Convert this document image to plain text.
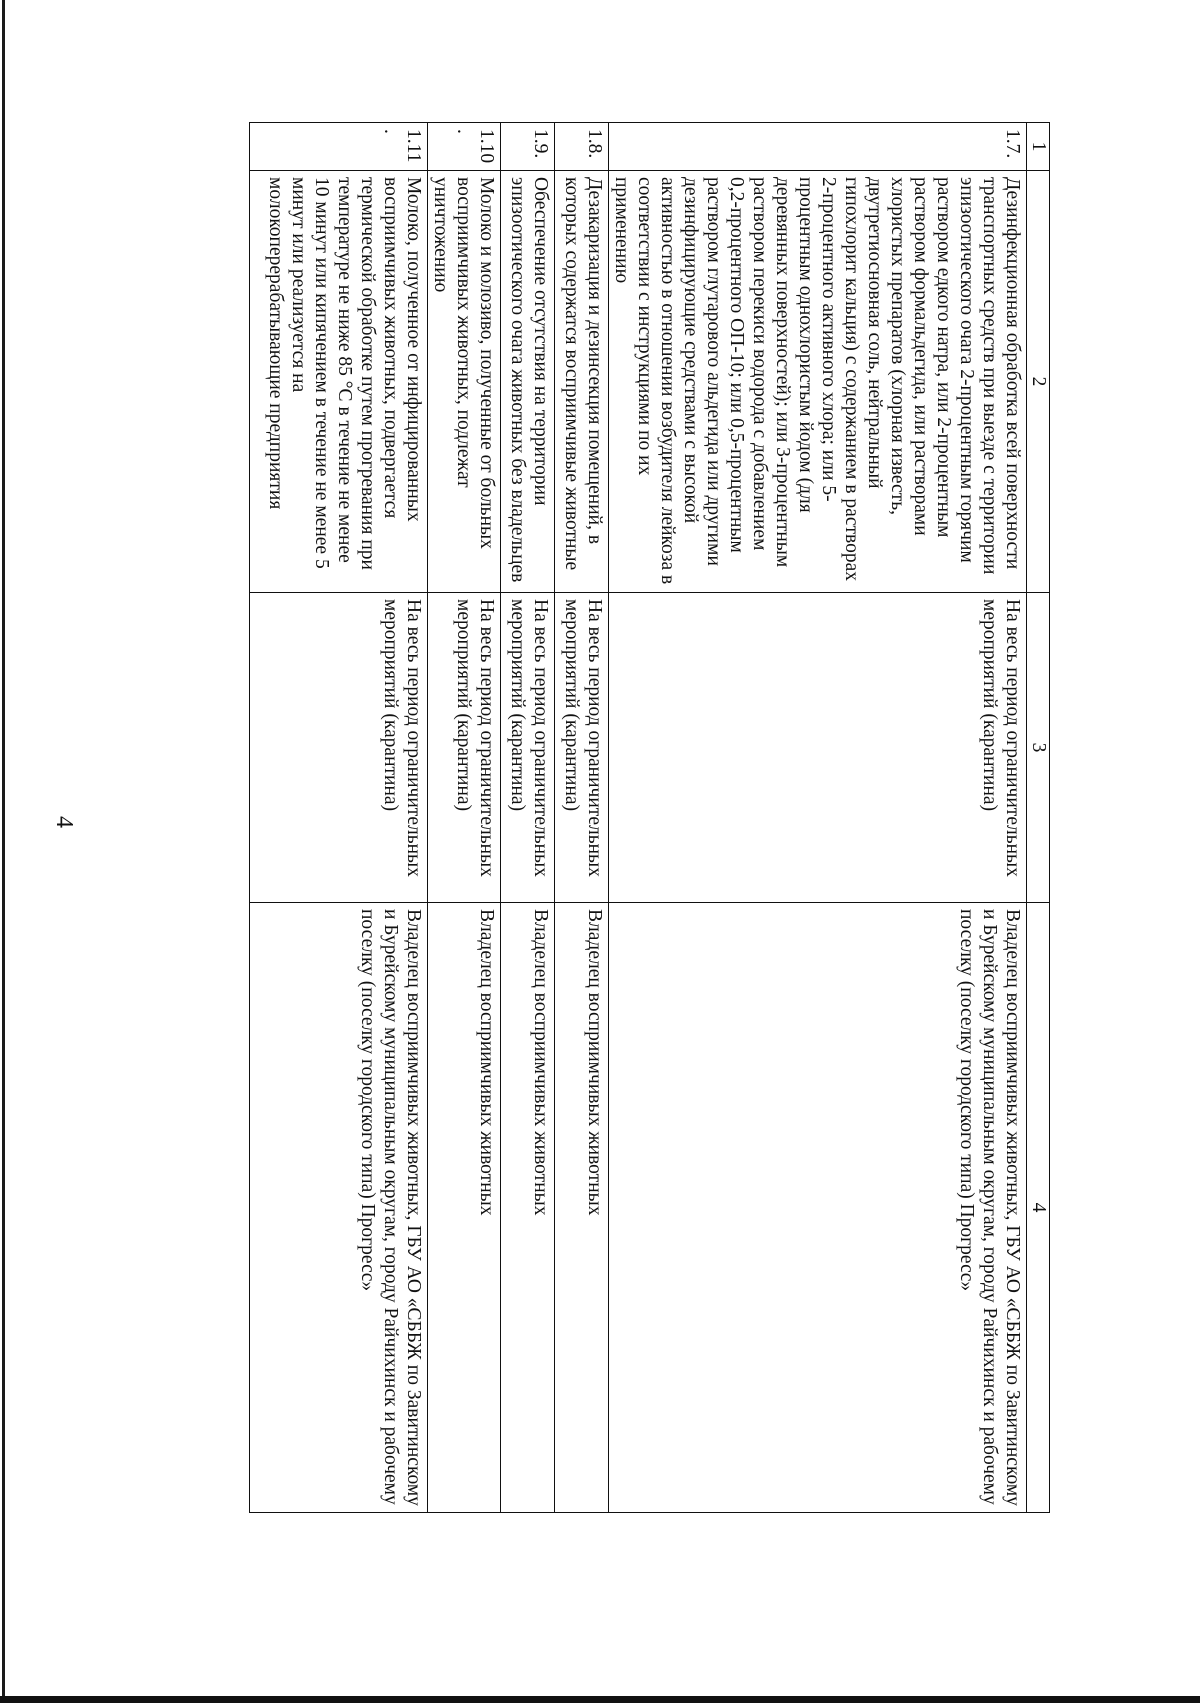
4
1	2	3	4
1.7.	Дезинфекционная обработка всей поверхности транспортных средств при выезде с территории эпизоотического очага 2-процентным горячим раствором едкого натра, или 2-процентным раствором формальдегида, или растворами хлористых препаратов (хлорная известь, двутретиосновная соль, нейтральный гипохлорит кальция) с содержанием в растворах 2-процентного активного хлора; или 5-процентным однохлористым йодом (для деревянных поверхностей); или 3-процентным раствором перекиси водорода с добавлением 0,2-процентного ОП-10; или 0,5-процентным раствором глутарового альдегида или другими дезинфицирующие средствами с высокой активностью в отношении возбудителя лейкоза в соответствии с инструкциями по их применению	На весь период ограничительных мероприятий (карантина)	Владелец восприимчивых животных, ГБУ АО «СББЖ по Завитинскому и Бурейскому муниципальным округам, городу Райчихинск и рабочему поселку (поселку городского типа) Прогресс»
1.8.	Дезакаризация и дезинсекция помещений, в которых содержатся восприимчивые животные	На весь период ограничительных мероприятий (карантина)	Владелец восприимчивых животных
1.9.	Обеспечение отсутствия на территории эпизоотического очага животных без владельцев	На весь период ограничительных мероприятий (карантина)	Владелец восприимчивых животных
1.10.	Молоко и молозиво, полученные от больных восприимчивых животных, подлежат уничтожению	На весь период ограничительных мероприятий (карантина)	Владелец восприимчивых животных
1.11.	Молоко, полученное от инфицированных восприимчивых животных, подвергается термической обработке путем прогревания при температуре не ниже 85 °С в течение не менее 10 минут или кипячением в течение не менее 5 минут или реализуется на молокоперерабатывающие предприятия	На весь период ограничительных мероприятий (карантина)	Владелец восприимчивых животных, ГБУ АО «СББЖ по Завитинскому и Бурейскому муниципальным округам, городу Райчихинск и рабочему поселку (поселку городского типа) Прогресс»
